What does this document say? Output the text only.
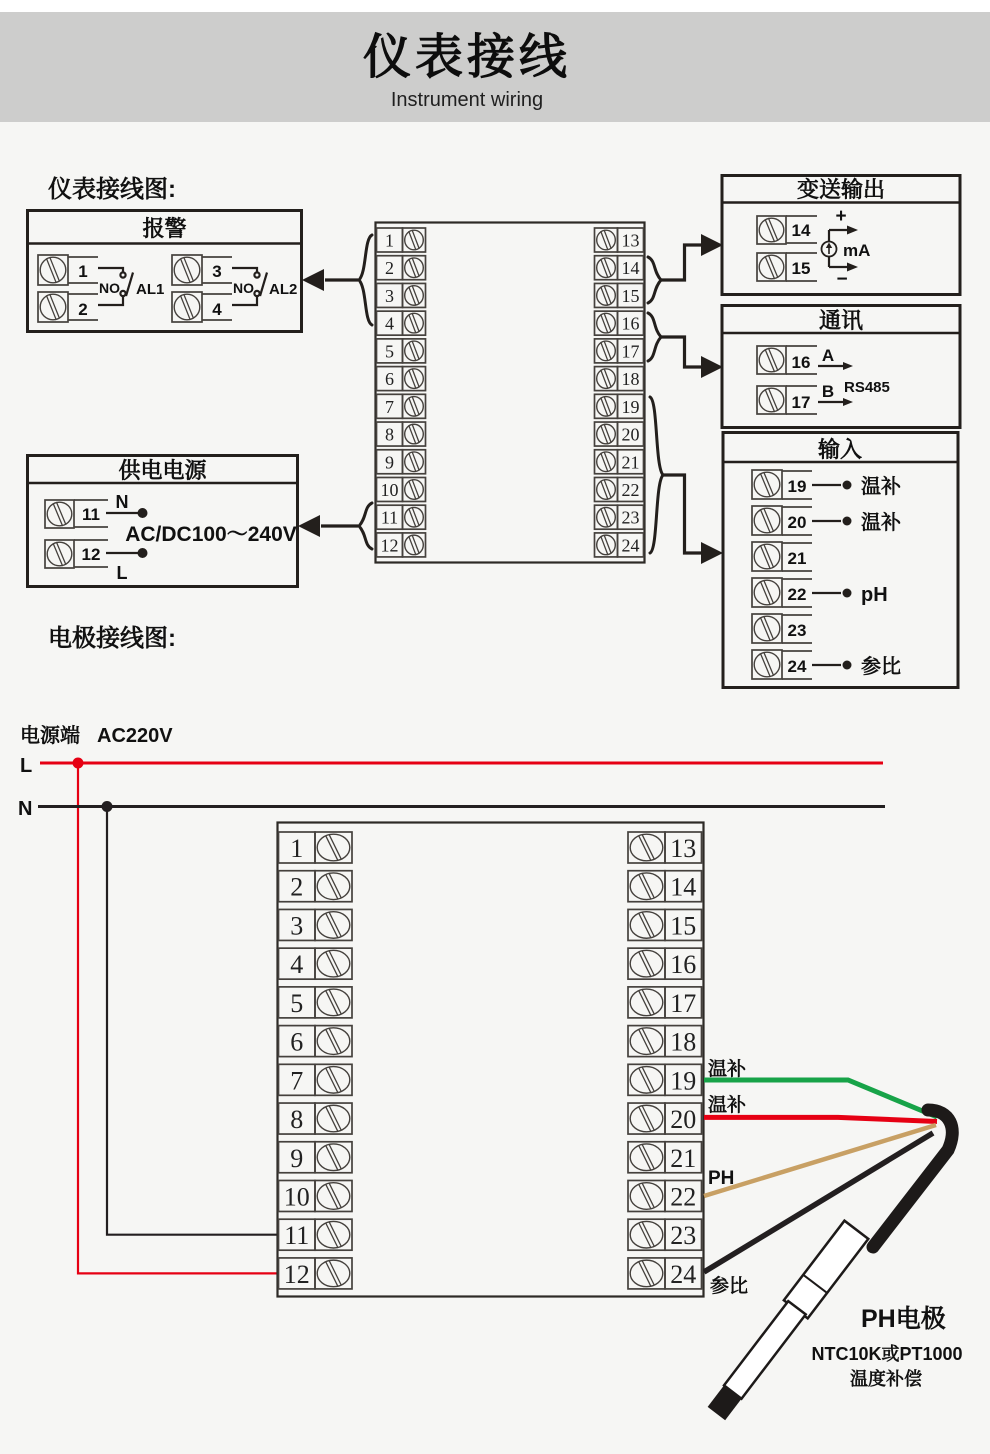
仪表接线
Instrument wiring
仪表接线图:
电极接线图:
报警
1
2
NO AL1
3
4
NO AL2
供电电源
11
12
N
L
AC/DC100～240V
变送输出
14
15
+
−
mA
通讯
16
17
A
B RS485
输入
19
20
21
22
23
24
温补
温补
pH
参比
1	13
2	14
3	15
4	16
5	17
6	18
7	19
8	20
9	21
10	22
11	23
12	24
电源端 AC220V
L
N
1	13
2	14
3	15
4	16
5	17
6	18
7	19
8	20
9	21
10	22
11	23
12	24
温补
温补
PH
参比
PH电极
NTC10K或PT1000
温度补偿
